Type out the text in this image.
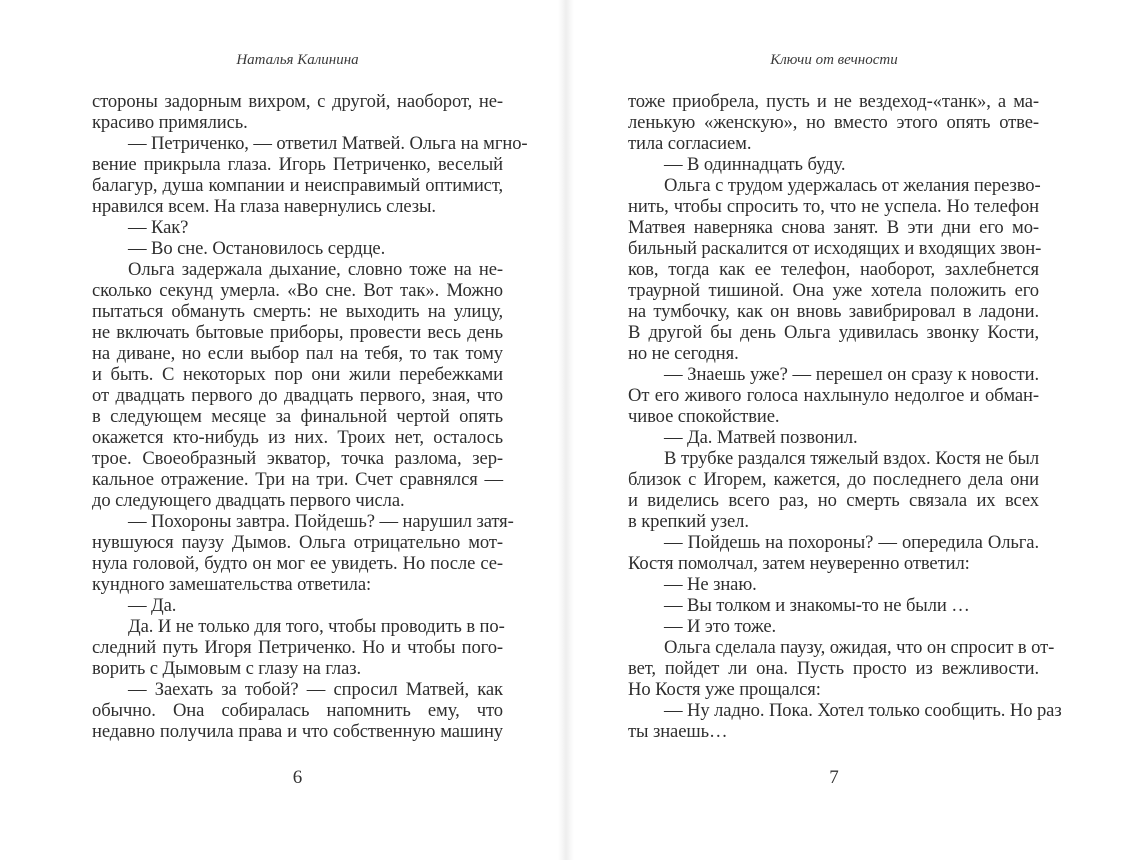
Наталья Калинина
стороны задорным вихром, с другой, наоборот, не-
красиво примялись.
— Петриченко, — ответил Матвей. Ольга на мгно-
вение прикрыла глаза. Игорь Петриченко, веселый
балагур, душа компании и неисправимый оптимист,
нравился всем. На глаза навернулись слезы.
— Как?
— Во сне. Остановилось сердце.
Ольга задержала дыхание, словно тоже на не-
сколько секунд умерла. «Во сне. Вот так». Можно
пытаться обмануть смерть: не выходить на улицу,
не включать бытовые приборы, провести весь день
на диване, но если выбор пал на тебя, то так тому
и быть. С некоторых пор они жили перебежками
от двадцать первого до двадцать первого, зная, что
в следующем месяце за финальной чертой опять
окажется кто-нибудь из них. Троих нет, осталось
трое. Своеобразный экватор, точка разлома, зер-
кальное отражение. Три на три. Счет сравнялся —
до следующего двадцать первого числа.
— Похороны завтра. Пойдешь? — нарушил затя-
нувшуюся паузу Дымов. Ольга отрицательно мот-
нула головой, будто он мог ее увидеть. Но после се-
кундного замешательства ответила:
— Да.
Да. И не только для того, чтобы проводить в по-
следний путь Игоря Петриченко. Но и чтобы пого-
ворить с Дымовым с глазу на глаз.
— Заехать за тобой? — спросил Матвей, как
обычно. Она собиралась напомнить ему, что
недавно получила права и что собственную машину
6
Ключи от вечности
тоже приобрела, пусть и не вездеход-«танк», а ма-
ленькую «женскую», но вместо этого опять отве-
тила согласием.
— В одиннадцать буду.
Ольга с трудом удержалась от желания перезво-
нить, чтобы спросить то, что не успела. Но телефон
Матвея наверняка снова занят. В эти дни его мо-
бильный раскалится от исходящих и входящих звон-
ков, тогда как ее телефон, наоборот, захлебнется
траурной тишиной. Она уже хотела положить его
на тумбочку, как он вновь завибрировал в ладони.
В другой бы день Ольга удивилась звонку Кости,
но не сегодня.
— Знаешь уже? — перешел он сразу к новости.
От его живого голоса нахлынуло недолгое и обман-
чивое спокойствие.
— Да. Матвей позвонил.
В трубке раздался тяжелый вздох. Костя не был
близок с Игорем, кажется, до последнего дела они
и виделись всего раз, но смерть связала их всех
в крепкий узел.
— Пойдешь на похороны? — опередила Ольга.
Костя помолчал, затем неуверенно ответил:
— Не знаю.
— Вы толком и знакомы-то не были …
— И это тоже.
Ольга сделала паузу, ожидая, что он спросит в от-
вет, пойдет ли она. Пусть просто из вежливости.
Но Костя уже прощался:
— Ну ладно. Пока. Хотел только сообщить. Но раз
ты знаешь…
7
